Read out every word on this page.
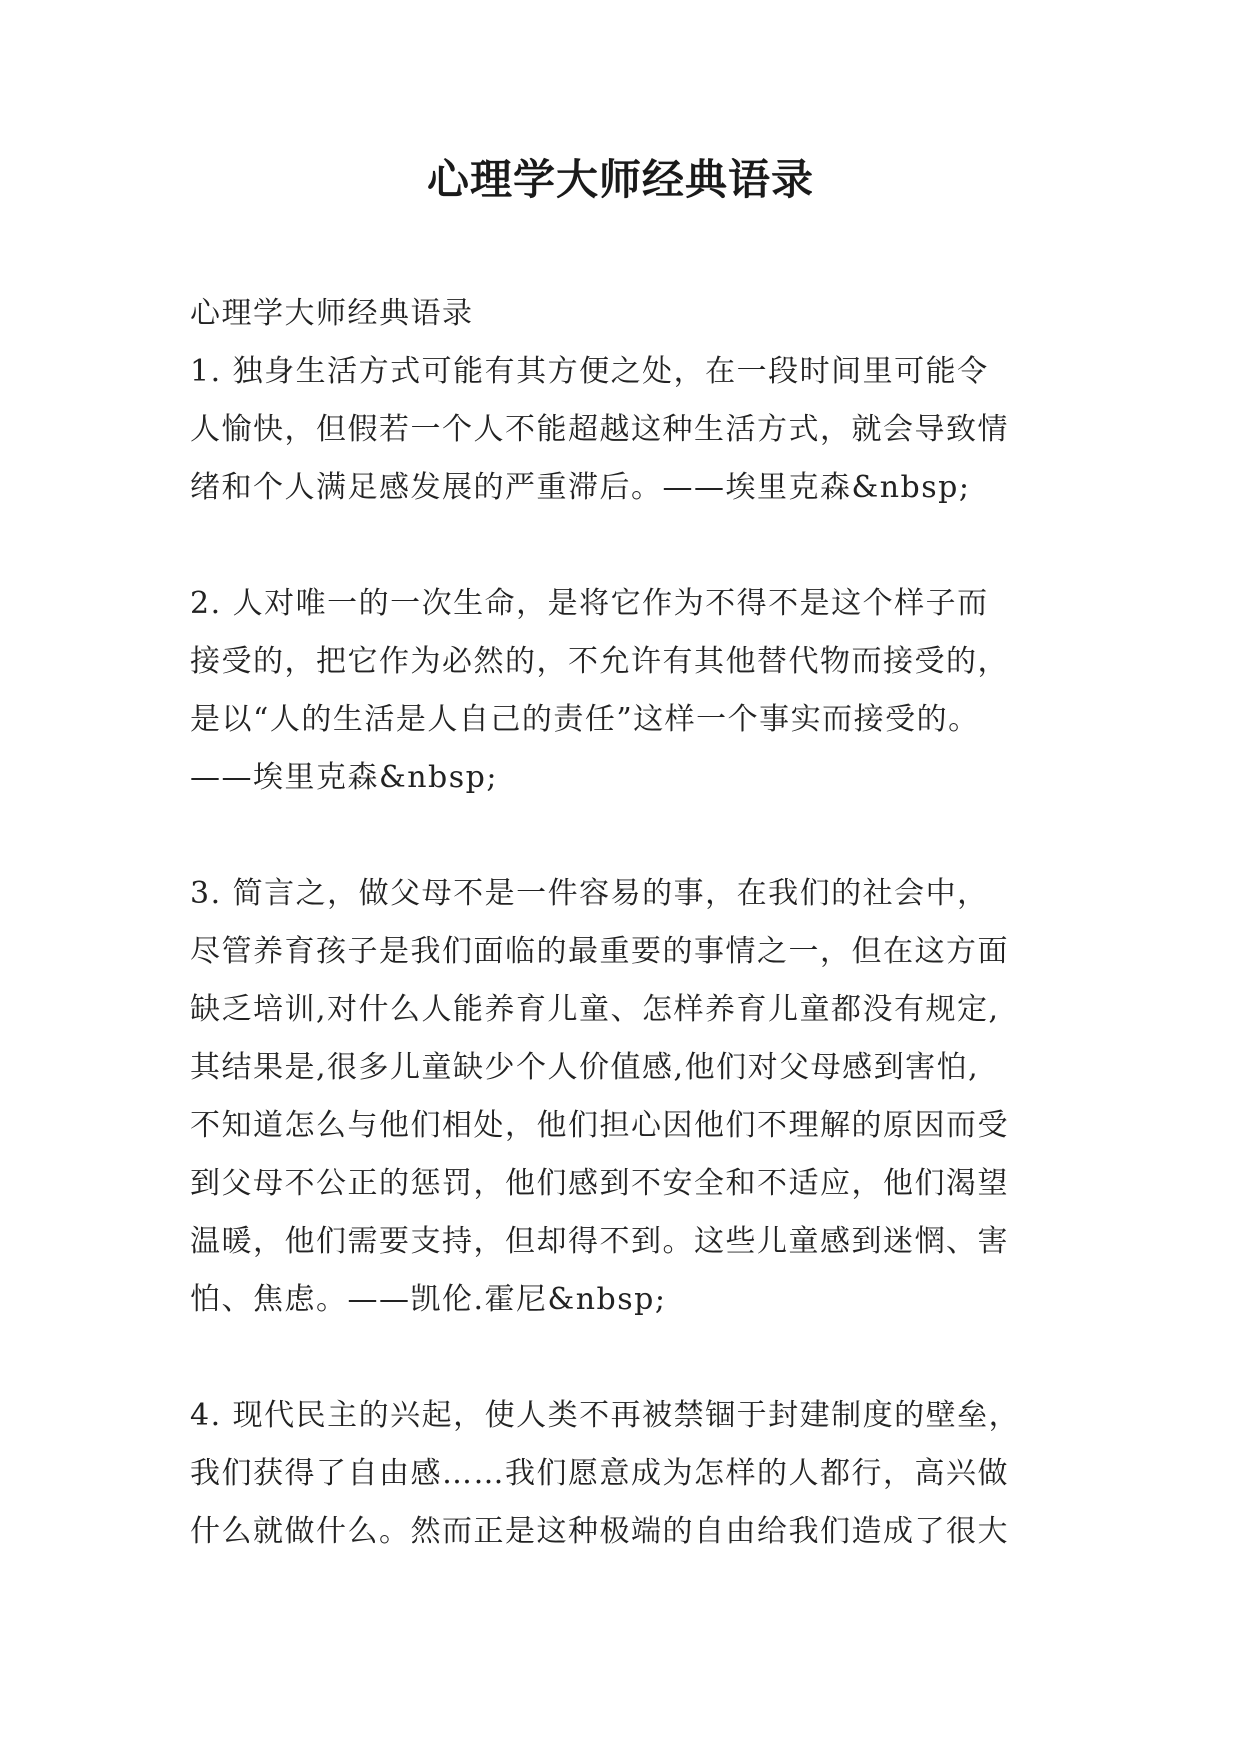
心理学大师经典语录
心理学大师经典语录
1. 独身生活方式可能有其方便之处，在一段时间里可能令
人愉快，但假若一个人不能超越这种生活方式，就会导致情
绪和个人满足感发展的严重滞后。——埃里克森&nbsp;
2. 人对唯一的一次生命，是将它作为不得不是这个样子而
接受的，把它作为必然的，不允许有其他替代物而接受的，
是以“人的生活是人自己的责任”这样一个事实而接受的。
——埃里克森&nbsp;
3. 简言之，做父母不是一件容易的事，在我们的社会中，
尽管养育孩子是我们面临的最重要的事情之一，但在这方面
缺乏培训,对什么人能养育儿童、怎样养育儿童都没有规定,
其结果是,很多儿童缺少个人价值感,他们对父母感到害怕,
不知道怎么与他们相处，他们担心因他们不理解的原因而受
到父母不公正的惩罚，他们感到不安全和不适应，他们渴望
温暖，他们需要支持，但却得不到。这些儿童感到迷惘、害
怕、焦虑。——凯伦.霍尼&nbsp;
4. 现代民主的兴起，使人类不再被禁锢于封建制度的壁垒，
我们获得了自由感……我们愿意成为怎样的人都行，高兴做
什么就做什么。然而正是这种极端的自由给我们造成了很大
